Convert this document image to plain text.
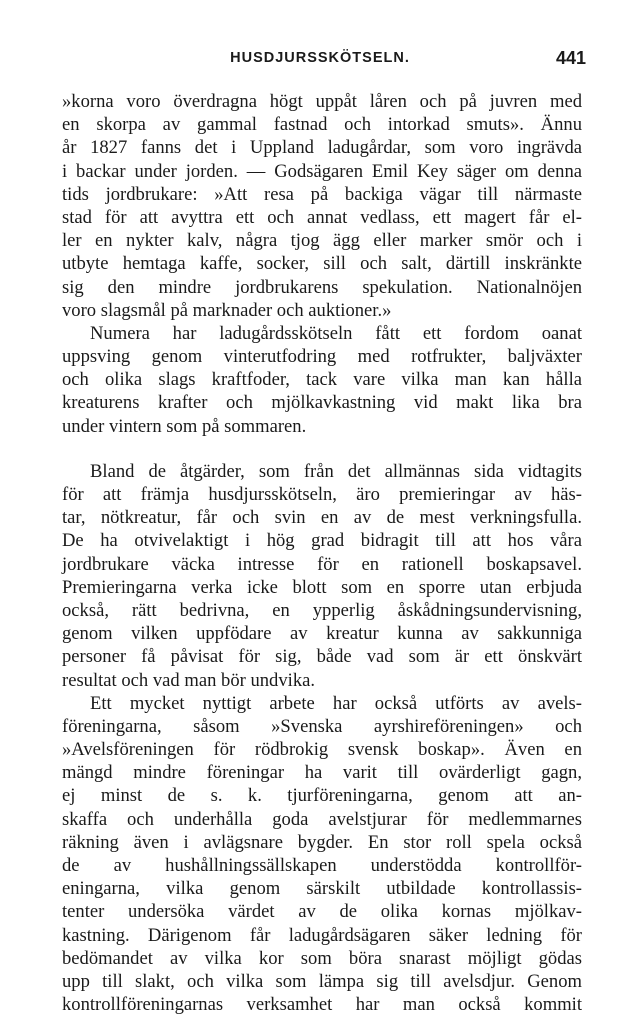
HUSDJURSSKÖTSELN.	441
»korna voro överdragna högt uppåt låren och på juvren med
en skorpa av gammal fastnad och intorkad smuts». Ännu
år 1827 fanns det i Uppland ladugårdar, som voro ingrävda
i backar under jorden. — Godsägaren Emil Key säger om denna
tids jordbrukare: »Att resa på backiga vägar till närmaste
stad för att avyttra ett och annat vedlass, ett magert får el-
ler en nykter kalv, några tjog ägg eller marker smör och i
utbyte hemtaga kaffe, socker, sill och salt, därtill inskränkte
sig den mindre jordbrukarens spekulation. Nationalnöjen
voro slagsmål på marknader och auktioner.»
Numera har ladugårdsskötseln fått ett fordom oanat
uppsving genom vinterutfodring med rotfrukter, baljväxter
och olika slags kraftfoder, tack vare vilka man kan hålla
kreaturens krafter och mjölkavkastning vid makt lika bra
under vintern som på sommaren.
Bland de åtgärder, som från det allmännas sida vidtagits
för att främja husdjursskötseln, äro premieringar av häs-
tar, nötkreatur, får och svin en av de mest verkningsfulla.
De ha otvivelaktigt i hög grad bidragit till att hos våra
jordbrukare väcka intresse för en rationell boskapsavel.
Premieringarna verka icke blott som en sporre utan erbjuda
också, rätt bedrivna, en ypperlig åskådningsundervisning,
genom vilken uppfödare av kreatur kunna av sakkunniga
personer få påvisat för sig, både vad som är ett önskvärt
resultat och vad man bör undvika.
Ett mycket nyttigt arbete har också utförts av avels-
föreningarna, såsom »Svenska ayrshireföreningen» och
»Avelsföreningen för rödbrokig svensk boskap». Även en
mängd mindre föreningar ha varit till ovärderligt gagn,
ej minst de s. k. tjurföreningarna, genom att an-
skaffa och underhålla goda avelstjurar för medlemmarnes
räkning även i avlägsnare bygder. En stor roll spela också
de av hushållningssällskapen understödda kontrollför-
eningarna, vilka genom särskilt utbildade kontrollassis-
tenter undersöka värdet av de olika kornas mjölkav-
kastning. Därigenom får ladugårdsägaren säker ledning för
bedömandet av vilka kor som böra snarast möjligt gödas
upp till slakt, och vilka som lämpa sig till avelsdjur. Genom
kontrollföreningarnas verksamhet har man också kommit
